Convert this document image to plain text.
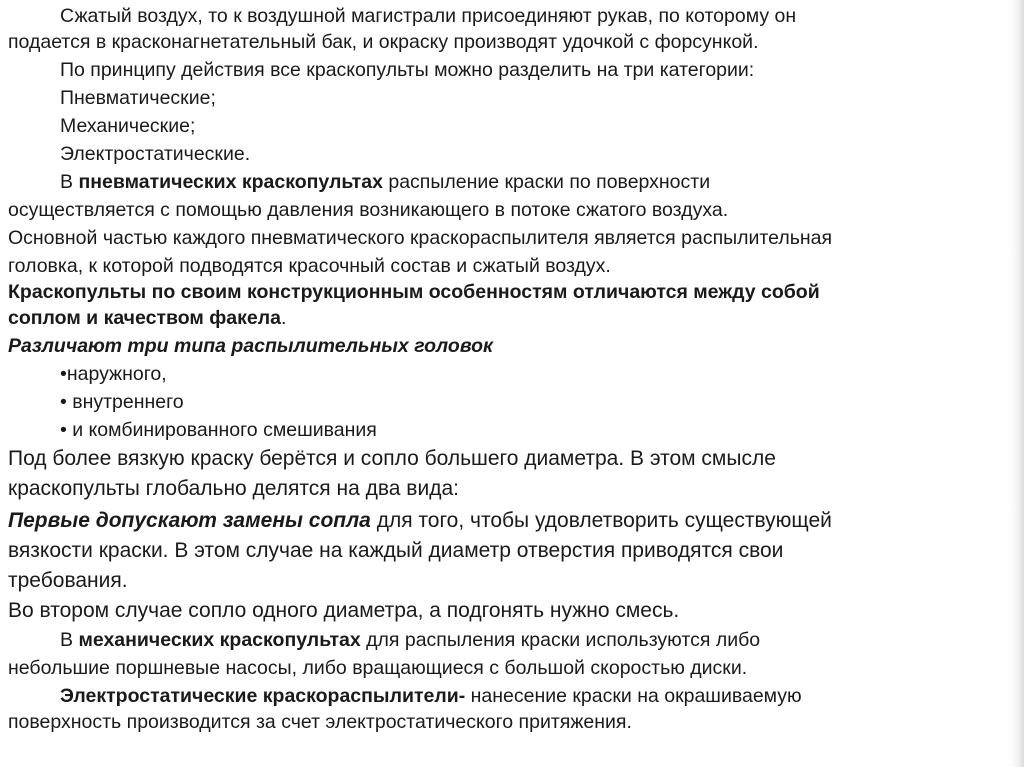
Сжатый воздух, то к воздушной магистрали присоединяют рукав, по которому он
подается в красконагнетательный бак, и окраску производят удочкой с форсункой.
По принципу действия все краскопульты можно разделить на три категории:
Пневматические;
Механические;
Электростатические.
В пневматических краскопультах распыление краски по поверхности
осуществляется с помощью давления возникающего в потоке сжатого воздуха.
Основной частью каждого пневматического краскораспылителя является распылительная
головка, к которой подводятся красочный состав и сжатый воздух.
Краскопульты по своим конструкционным особенностям отличаются между собой
соплом и качеством факела.
Различают три типа распылительных головок
•наружного,
• внутреннего
• и комбинированного смешивания
Под более вязкую краску берётся и сопло большего диаметра. В этом смысле
краскопульты глобально делятся на два вида:
Первые допускают замены сопла для того, чтобы удовлетворить существующей
вязкости краски. В этом случае на каждый диаметр отверстия приводятся свои
требования.
Во втором случае сопло одного диаметра, а подгонять нужно смесь.
В механических краскопультах для распыления краски используются либо
небольшие поршневые насосы, либо вращающиеся с большой скоростью диски.
Электростатические краскораспылители- нанесение краски на окрашиваемую
поверхность производится за счет электростатического притяжения.
